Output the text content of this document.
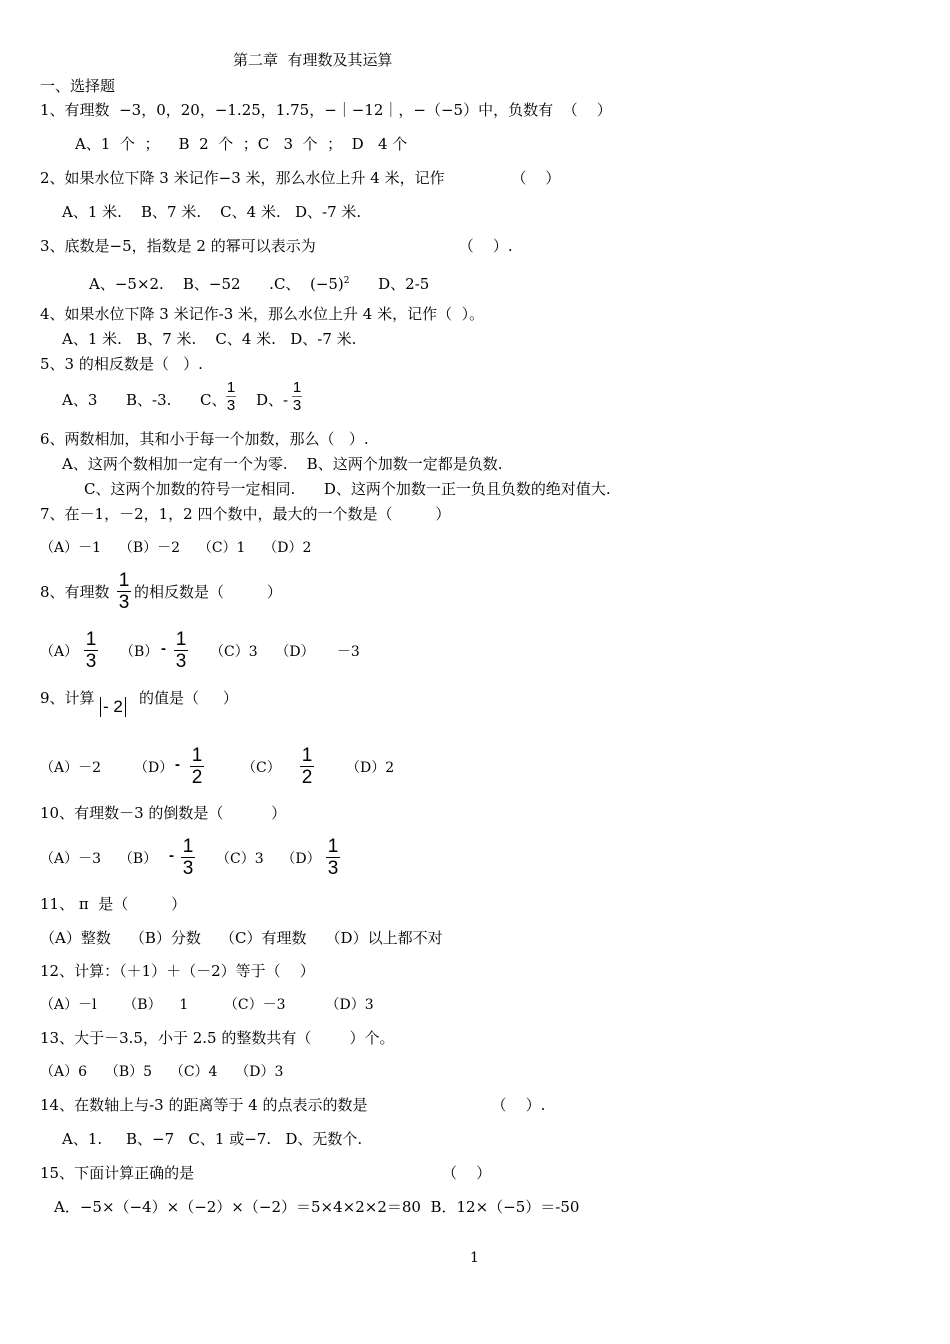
第二章  有理数及其运算
一、选择题
1、有理数  −3，0，20，−1.25，1.75，−｜−12｜，−（−5）中，负数有  （    ）
A、1  个  ；    B  2  个  ；C   3  个  ；  D   4 个
2、如果水位下降 3 米记作−3 米，那么水位上升 4 米，记作              （    ）
A、1 米.    B、7 米.    C、4 米.   D、-7 米.
3、底数是−5，指数是 2 的幂可以表示为                              （    ）.
A、−5×2.    B、−52      .C、  $(-5)^2$ D、2-5
4、如果水位下降 3 米记作-3 米，那么水位上升 4 米，记作（  ）。
A、1 米.   B、7 米.    C、4 米.   D、-7 米.
5、3 的相反数是（   ）.
A、3      B、-3.      C、
1
3 D、-
1
3
6、两数相加，其和小于每一个加数，那么（   ）.
A、这两个数相加一定有一个为零.    B、这两个加数一定都是负数.
C、这两个加数的符号一定相同.      D、这两个加数一正一负且负数的绝对值大.
7、在－1，－2，1，2 四个数中，最大的一个数是（         ）
（A）－1    （B）－2    （C）1    （D）2
8、有理数
1
3 的相反数是（         ）
（A）
1
3 （B） - 1
3 （C）3    （D）     －3
9、计算 - 2 的值是（     ）
（A）－2 （D） - 1
2	（C）
1
2 （D）2
10、有理数－3 的倒数是（          ）
（A）－3    （B） - 1
3 （C）3    （D）
1
3
11、 π  是（         ）
（A）整数    （B）分数    （C）有理数    （D）以上都不对
12、计算：（＋1）＋（－2）等于（    ）
（A）－l      （B）    1        （C）－3         （D）3
13、大于－3.5，小于 2.5 的整数共有（        ）个。
（A）6    （B）5    （C）4    （D）3
14、在数轴上与-3 的距离等于 4 的点表示的数是                          （    ）.
A、1.     B、−7   C、1 或−7.   D、无数个.
15、下面计算正确的是                                                    （    ）
A．−5×（−4）×（−2）×（−2）＝5×4×2×2＝80  B．12×（−5）＝-50
1
